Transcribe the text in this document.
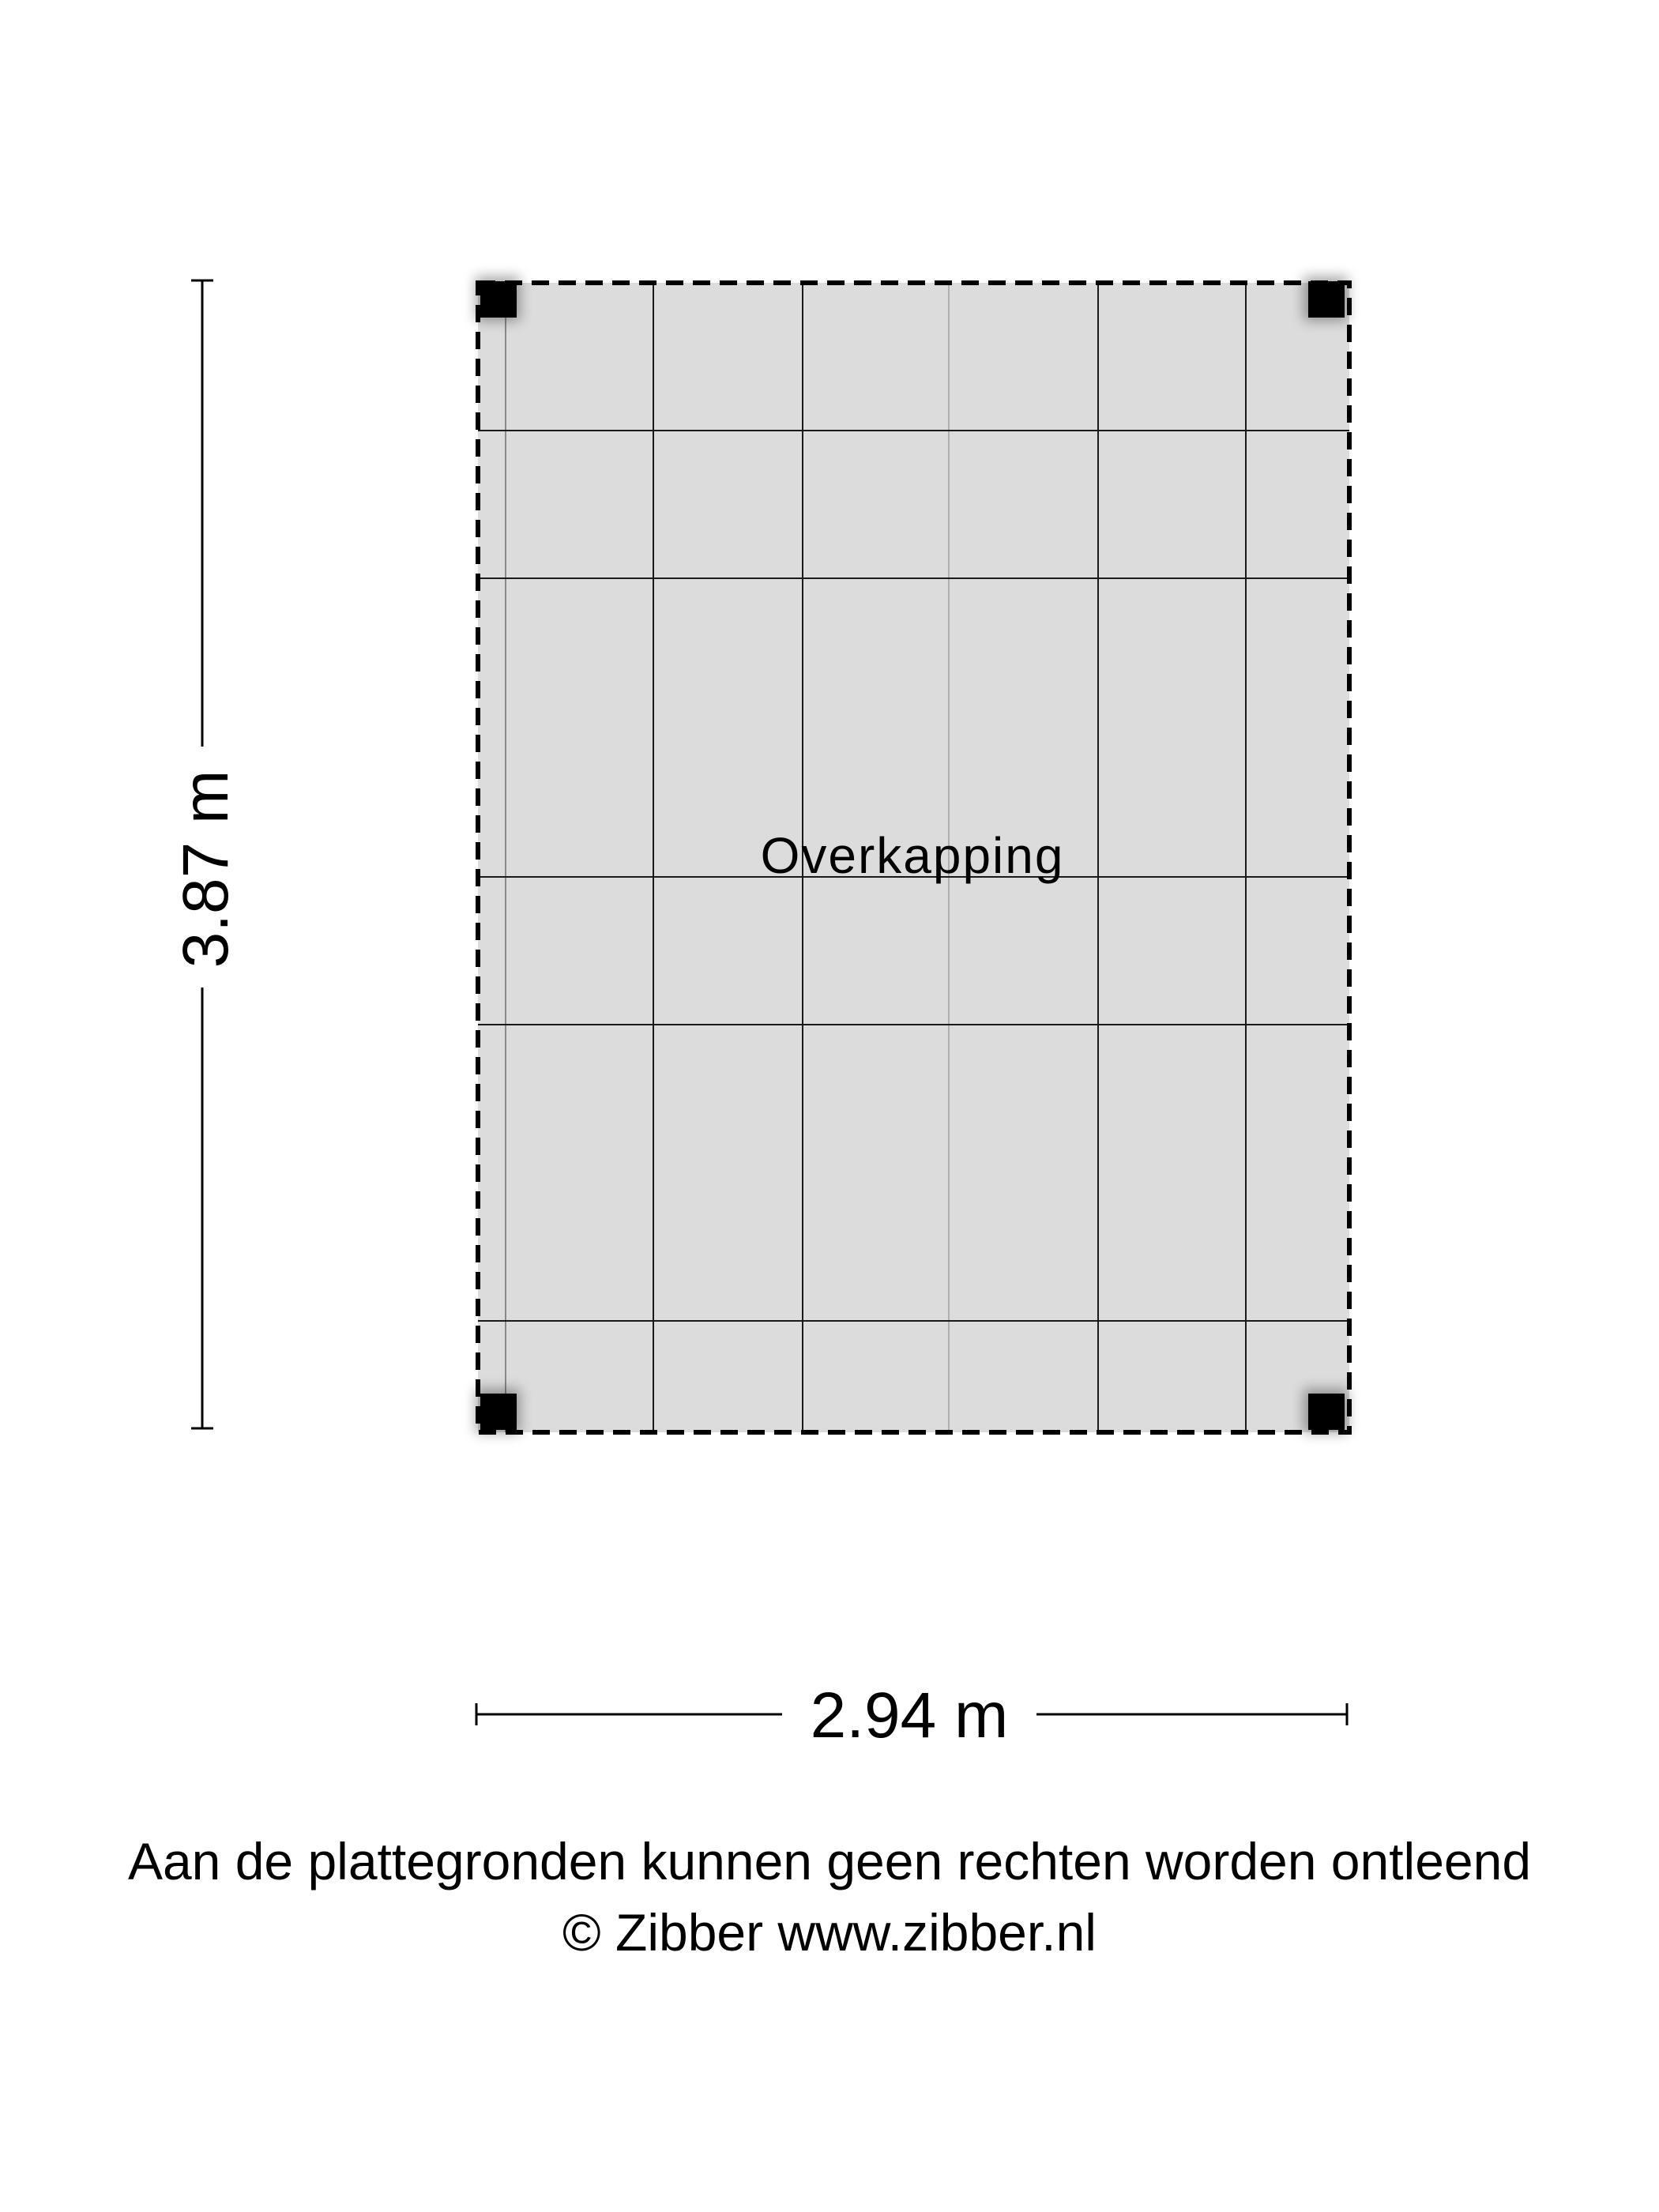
Overkapping
3.87 m
2.94 m
Aan de plattegronden kunnen geen rechten worden ontleend
© Zibber www.zibber.nl
